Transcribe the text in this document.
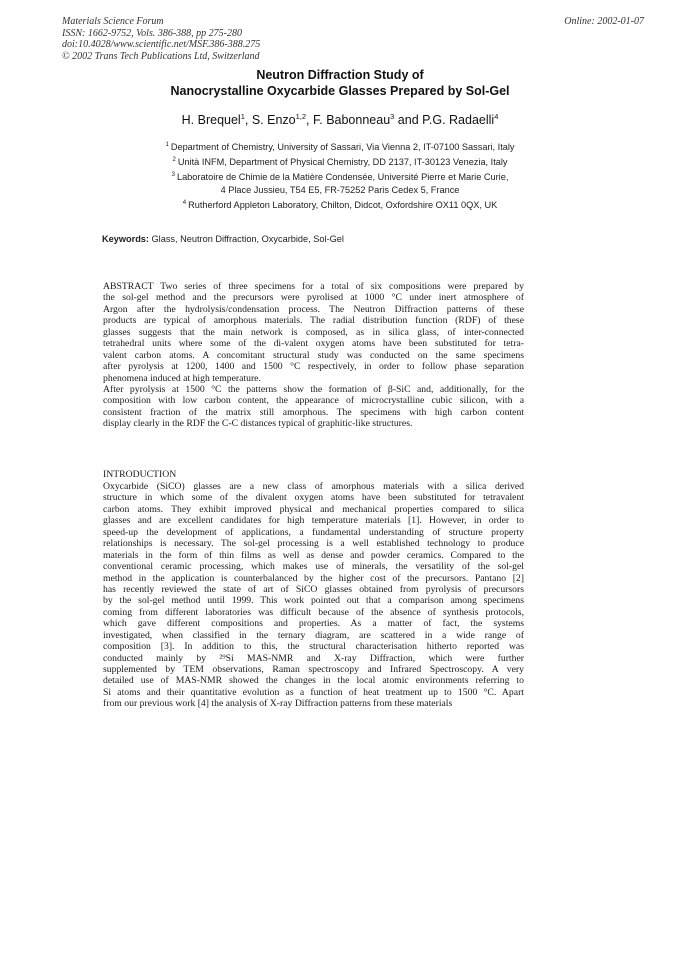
Materials Science Forum
ISSN: 1662-9752, Vols. 386-388, pp 275-280
doi:10.4028/www.scientific.net/MSF.386-388.275
© 2002 Trans Tech Publications Ltd, Switzerland
Online: 2002-01-07
Neutron Diffraction Study of
Nanocrystalline Oxycarbide Glasses Prepared by Sol-Gel
H. Brequel$^1$, S. Enzo$^{1,2}$, F. Babonneau$^3$ and P.G. Radaelli$^4$
$^1$ Department of Chemistry, University of Sassari, Via Vienna 2, IT-07100 Sassari, Italy
$^2$ Unità INFM, Department of Physical Chemistry, DD 2137, IT-30123 Venezia, Italy
$^3$ Laboratoire de Chimie de la Matière Condensée, Université Pierre et Marie Curie,
4 Place Jussieu, T54 E5, FR-75252 Paris Cedex 5, France
$^4$ Rutherford Appleton Laboratory, Chilton, Didcot, Oxfordshire OX11 0QX, UK
Keywords: Glass, Neutron Diffraction, Oxycarbide, Sol-Gel
ABSTRACT Two series of three specimens for a total of six compositions were prepared by
the sol-gel method and the precursors were pyrolised at 1000 °C under inert atmosphere of
Argon after the hydrolysis/condensation process. The Neutron Diffraction patterns of these
products are typical of amorphous materials. The radial distribution function (RDF) of these
glasses suggests that the main network is composed, as in silica glass, of inter-connected
tetrahedral units where some of the di-valent oxygen atoms have been substituted for tetra-
valent carbon atoms. A concomitant structural study was conducted on the same specimens
after pyrolysis at 1200, 1400 and 1500 °C respectively, in order to follow phase separation
phenomena induced at high temperature.
After pyrolysis at 1500 °C the patterns show the formation of β-SiC and, additionally, for the
composition with low carbon content, the appearance of microcrystalline cubic silicon, with a
consistent fraction of the matrix still amorphous. The specimens with high carbon content
display clearly in the RDF the C-C distances typical of graphitic-like structures.
INTRODUCTION
Oxycarbide (SiCO) glasses are a new class of amorphous materials with a silica derived
structure in which some of the divalent oxygen atoms have been substituted for tetravalent
carbon atoms. They exhibit improved physical and mechanical properties compared to silica
glasses and are excellent candidates for high temperature materials [1]. However, in order to
speed-up the development of applications, a fundamental understanding of structure property
relationships is necessary. The sol-gel processing is a well established technology to produce
materials in the form of thin films as well as dense and powder ceramics. Compared to the
conventional ceramic processing, which makes use of minerals, the versatility of the sol-gel
method in the application is counterbalanced by the higher cost of the precursors. Pantano [2]
has recently reviewed the state of art of SiCO glasses obtained from pyrolysis of precursors
by the sol-gel method until 1999. This work pointed out that a comparison among specimens
coming from different laboratories was difficult because of the absence of synthesis protocols,
which gave different compositions and properties. As a matter of fact, the systems
investigated, when classified in the ternary diagram, are scattered in a wide range of
composition [3]. In addition to this, the structural characterisation hitherto reported was
conducted mainly by ²⁹Si MAS-NMR and X-ray Diffraction, which were further
supplemented by TEM observations, Raman spectroscopy and Infrared Spectroscopy. A very
detailed use of MAS-NMR showed the changes in the local atomic environments referring to
Si atoms and their quantitative evolution as a function of heat treatment up to 1500 °C. Apart
from our previous work [4] the analysis of X-ray Diffraction patterns from these materials
